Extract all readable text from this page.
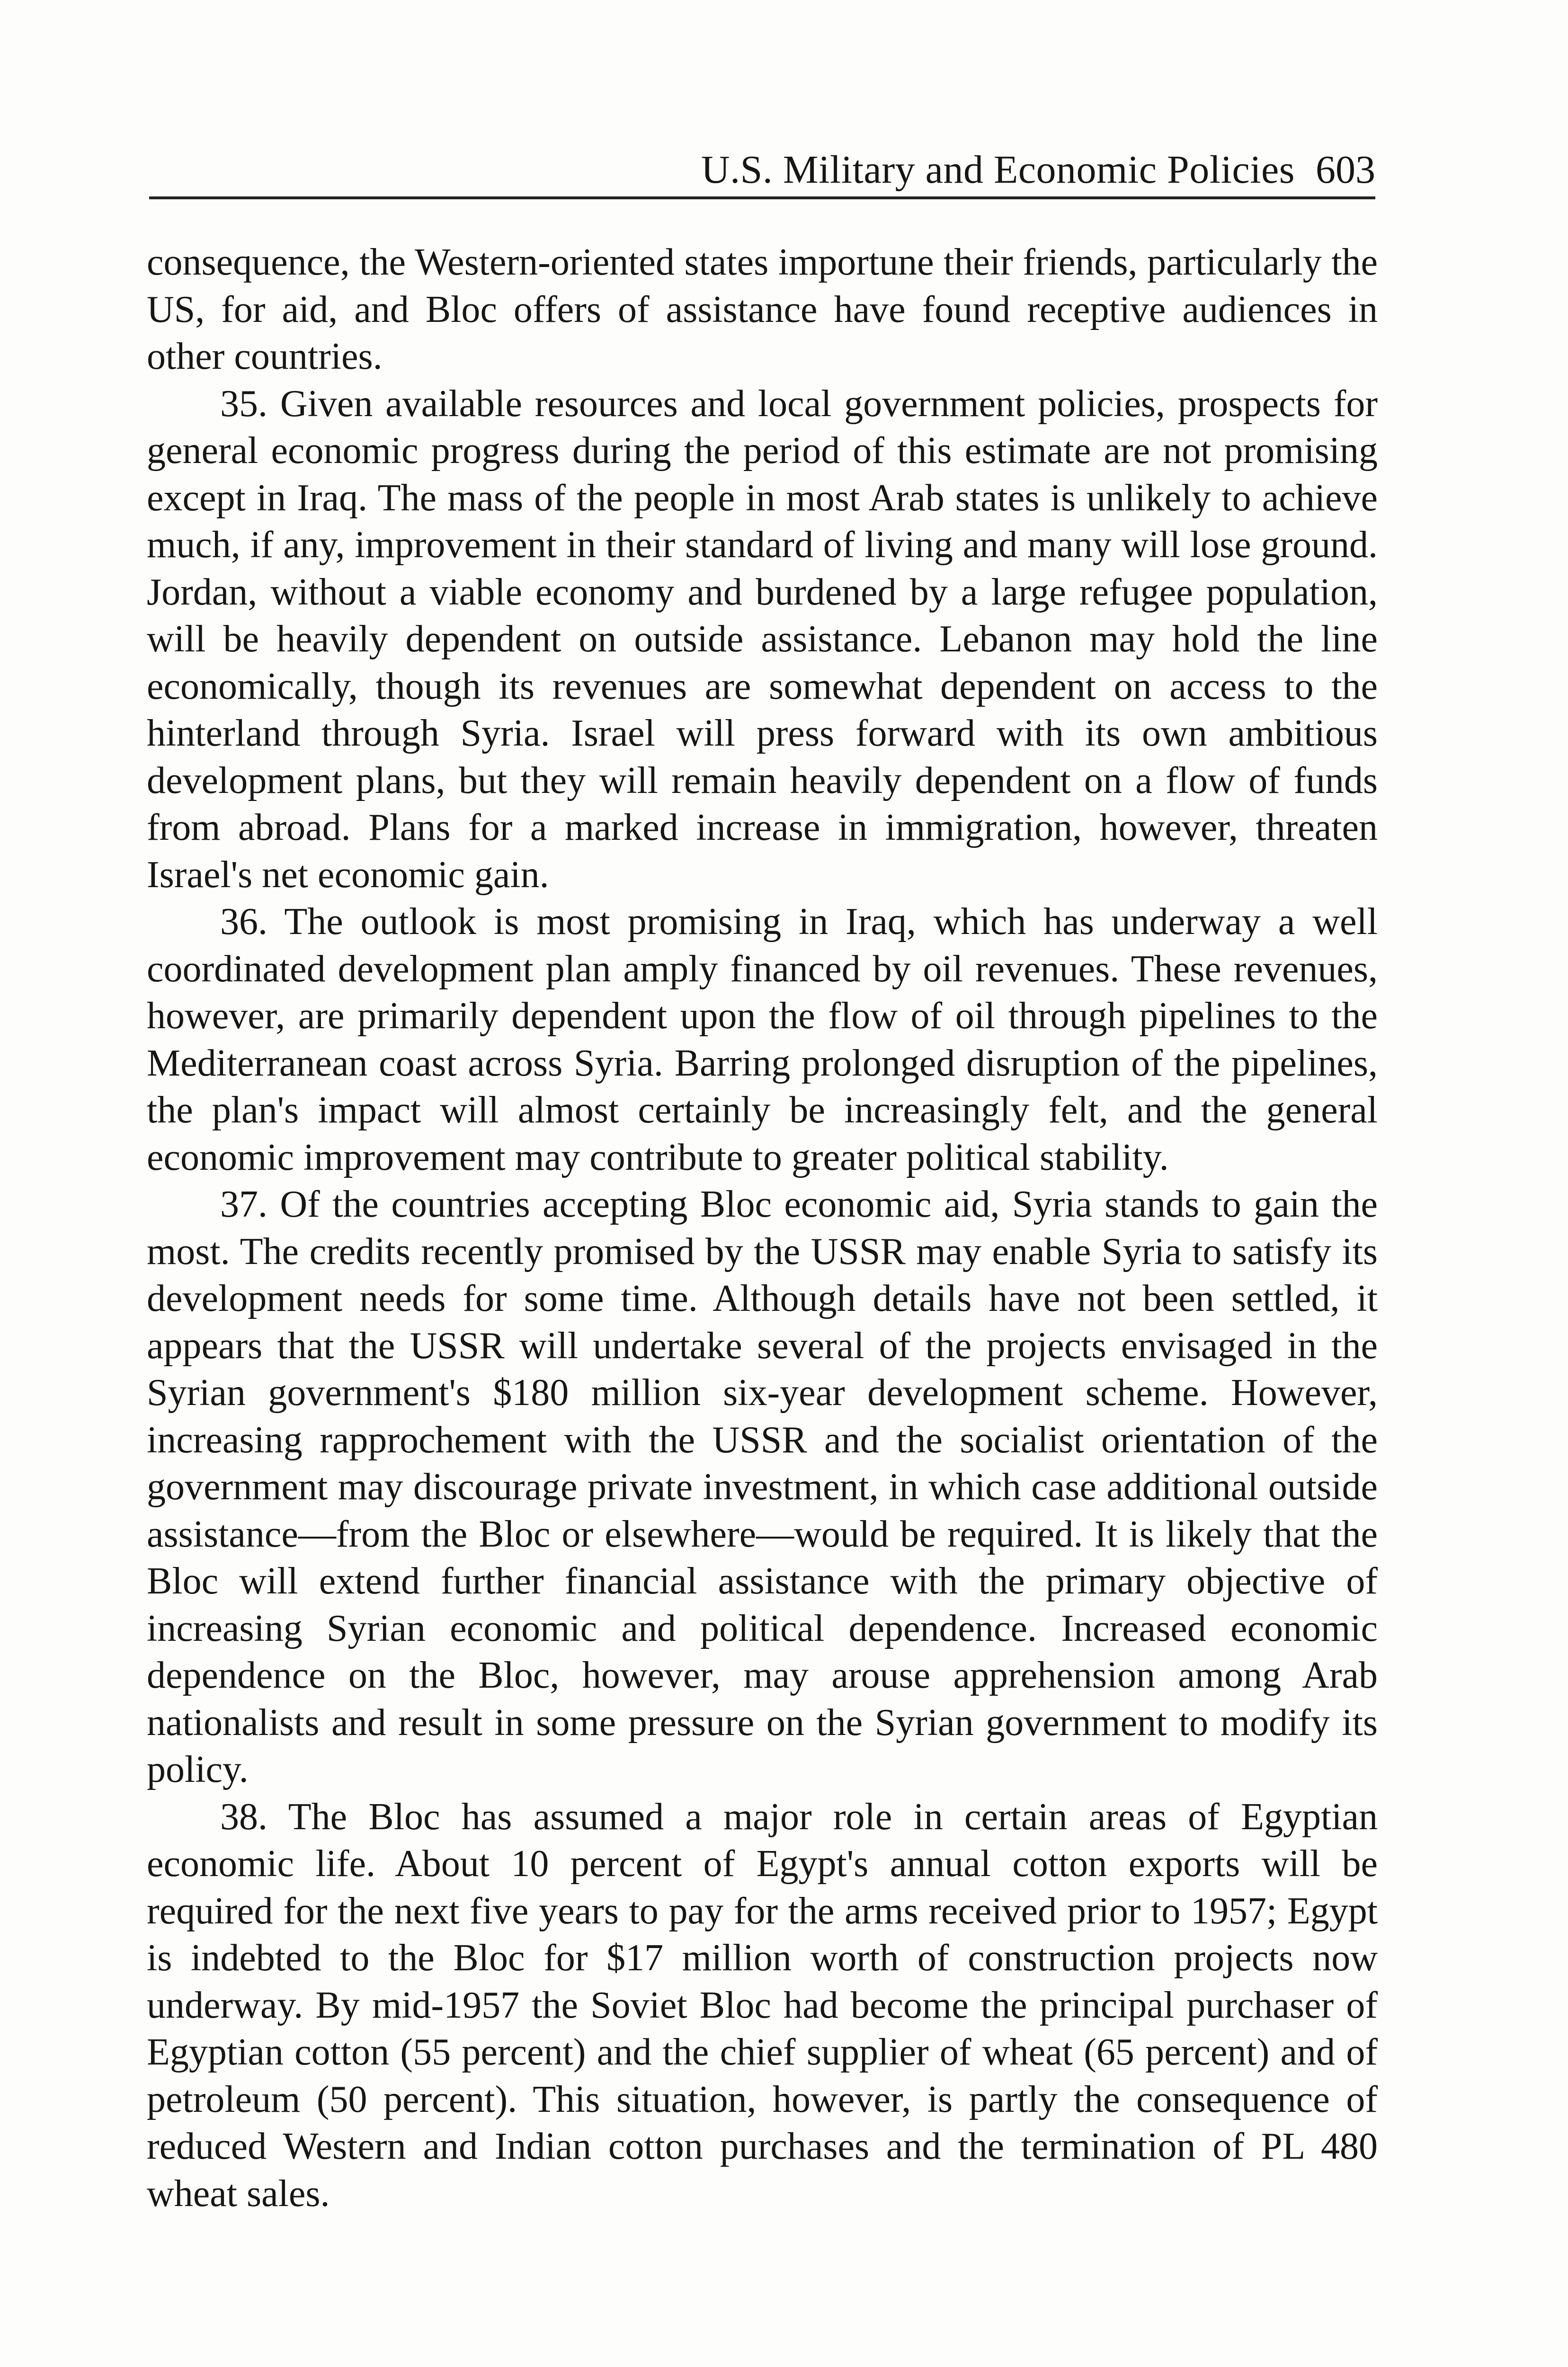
U.S. Military and Economic Policies 603

consequence, the Western-oriented states importune their friends, particularly the US, for aid, and Bloc offers of assistance have found receptive audiences in other countries.

35. Given available resources and local government policies, prospects for general economic progress during the period of this estimate are not promising except in Iraq. The mass of the people in most Arab states is unlikely to achieve much, if any, improvement in their standard of living and many will lose ground. Jordan, without a viable economy and burdened by a large refugee population, will be heavily dependent on outside assistance. Lebanon may hold the line economically, though its revenues are somewhat dependent on access to the hinterland through Syria. Israel will press forward with its own ambitious development plans, but they will remain heavily dependent on a flow of funds from abroad. Plans for a marked increase in immigration, however, threaten Israel's net economic gain.

36. The outlook is most promising in Iraq, which has underway a well coordinated development plan amply financed by oil revenues. These revenues, however, are primarily dependent upon the flow of oil through pipelines to the Mediterranean coast across Syria. Barring prolonged disruption of the pipelines, the plan's impact will almost certainly be increasingly felt, and the general economic improvement may contribute to greater political stability.

37. Of the countries accepting Bloc economic aid, Syria stands to gain the most. The credits recently promised by the USSR may enable Syria to satisfy its development needs for some time. Although details have not been settled, it appears that the USSR will undertake several of the projects envisaged in the Syrian government's $180 million six-year development scheme. However, increasing rapprochement with the USSR and the socialist orientation of the government may discourage private investment, in which case additional outside assistance—from the Bloc or elsewhere—would be required. It is likely that the Bloc will extend further financial assistance with the primary objective of increasing Syrian economic and political dependence. Increased economic dependence on the Bloc, however, may arouse apprehension among Arab nationalists and result in some pressure on the Syrian government to modify its policy.

38. The Bloc has assumed a major role in certain areas of Egyptian economic life. About 10 percent of Egypt's annual cotton exports will be required for the next five years to pay for the arms received prior to 1957; Egypt is indebted to the Bloc for $17 million worth of construction projects now underway. By mid-1957 the Soviet Bloc had become the principal purchaser of Egyptian cotton (55 percent) and the chief supplier of wheat (65 percent) and of petroleum (50 percent). This situation, however, is partly the consequence of reduced Western and Indian cotton purchases and the termination of PL 480 wheat sales.
